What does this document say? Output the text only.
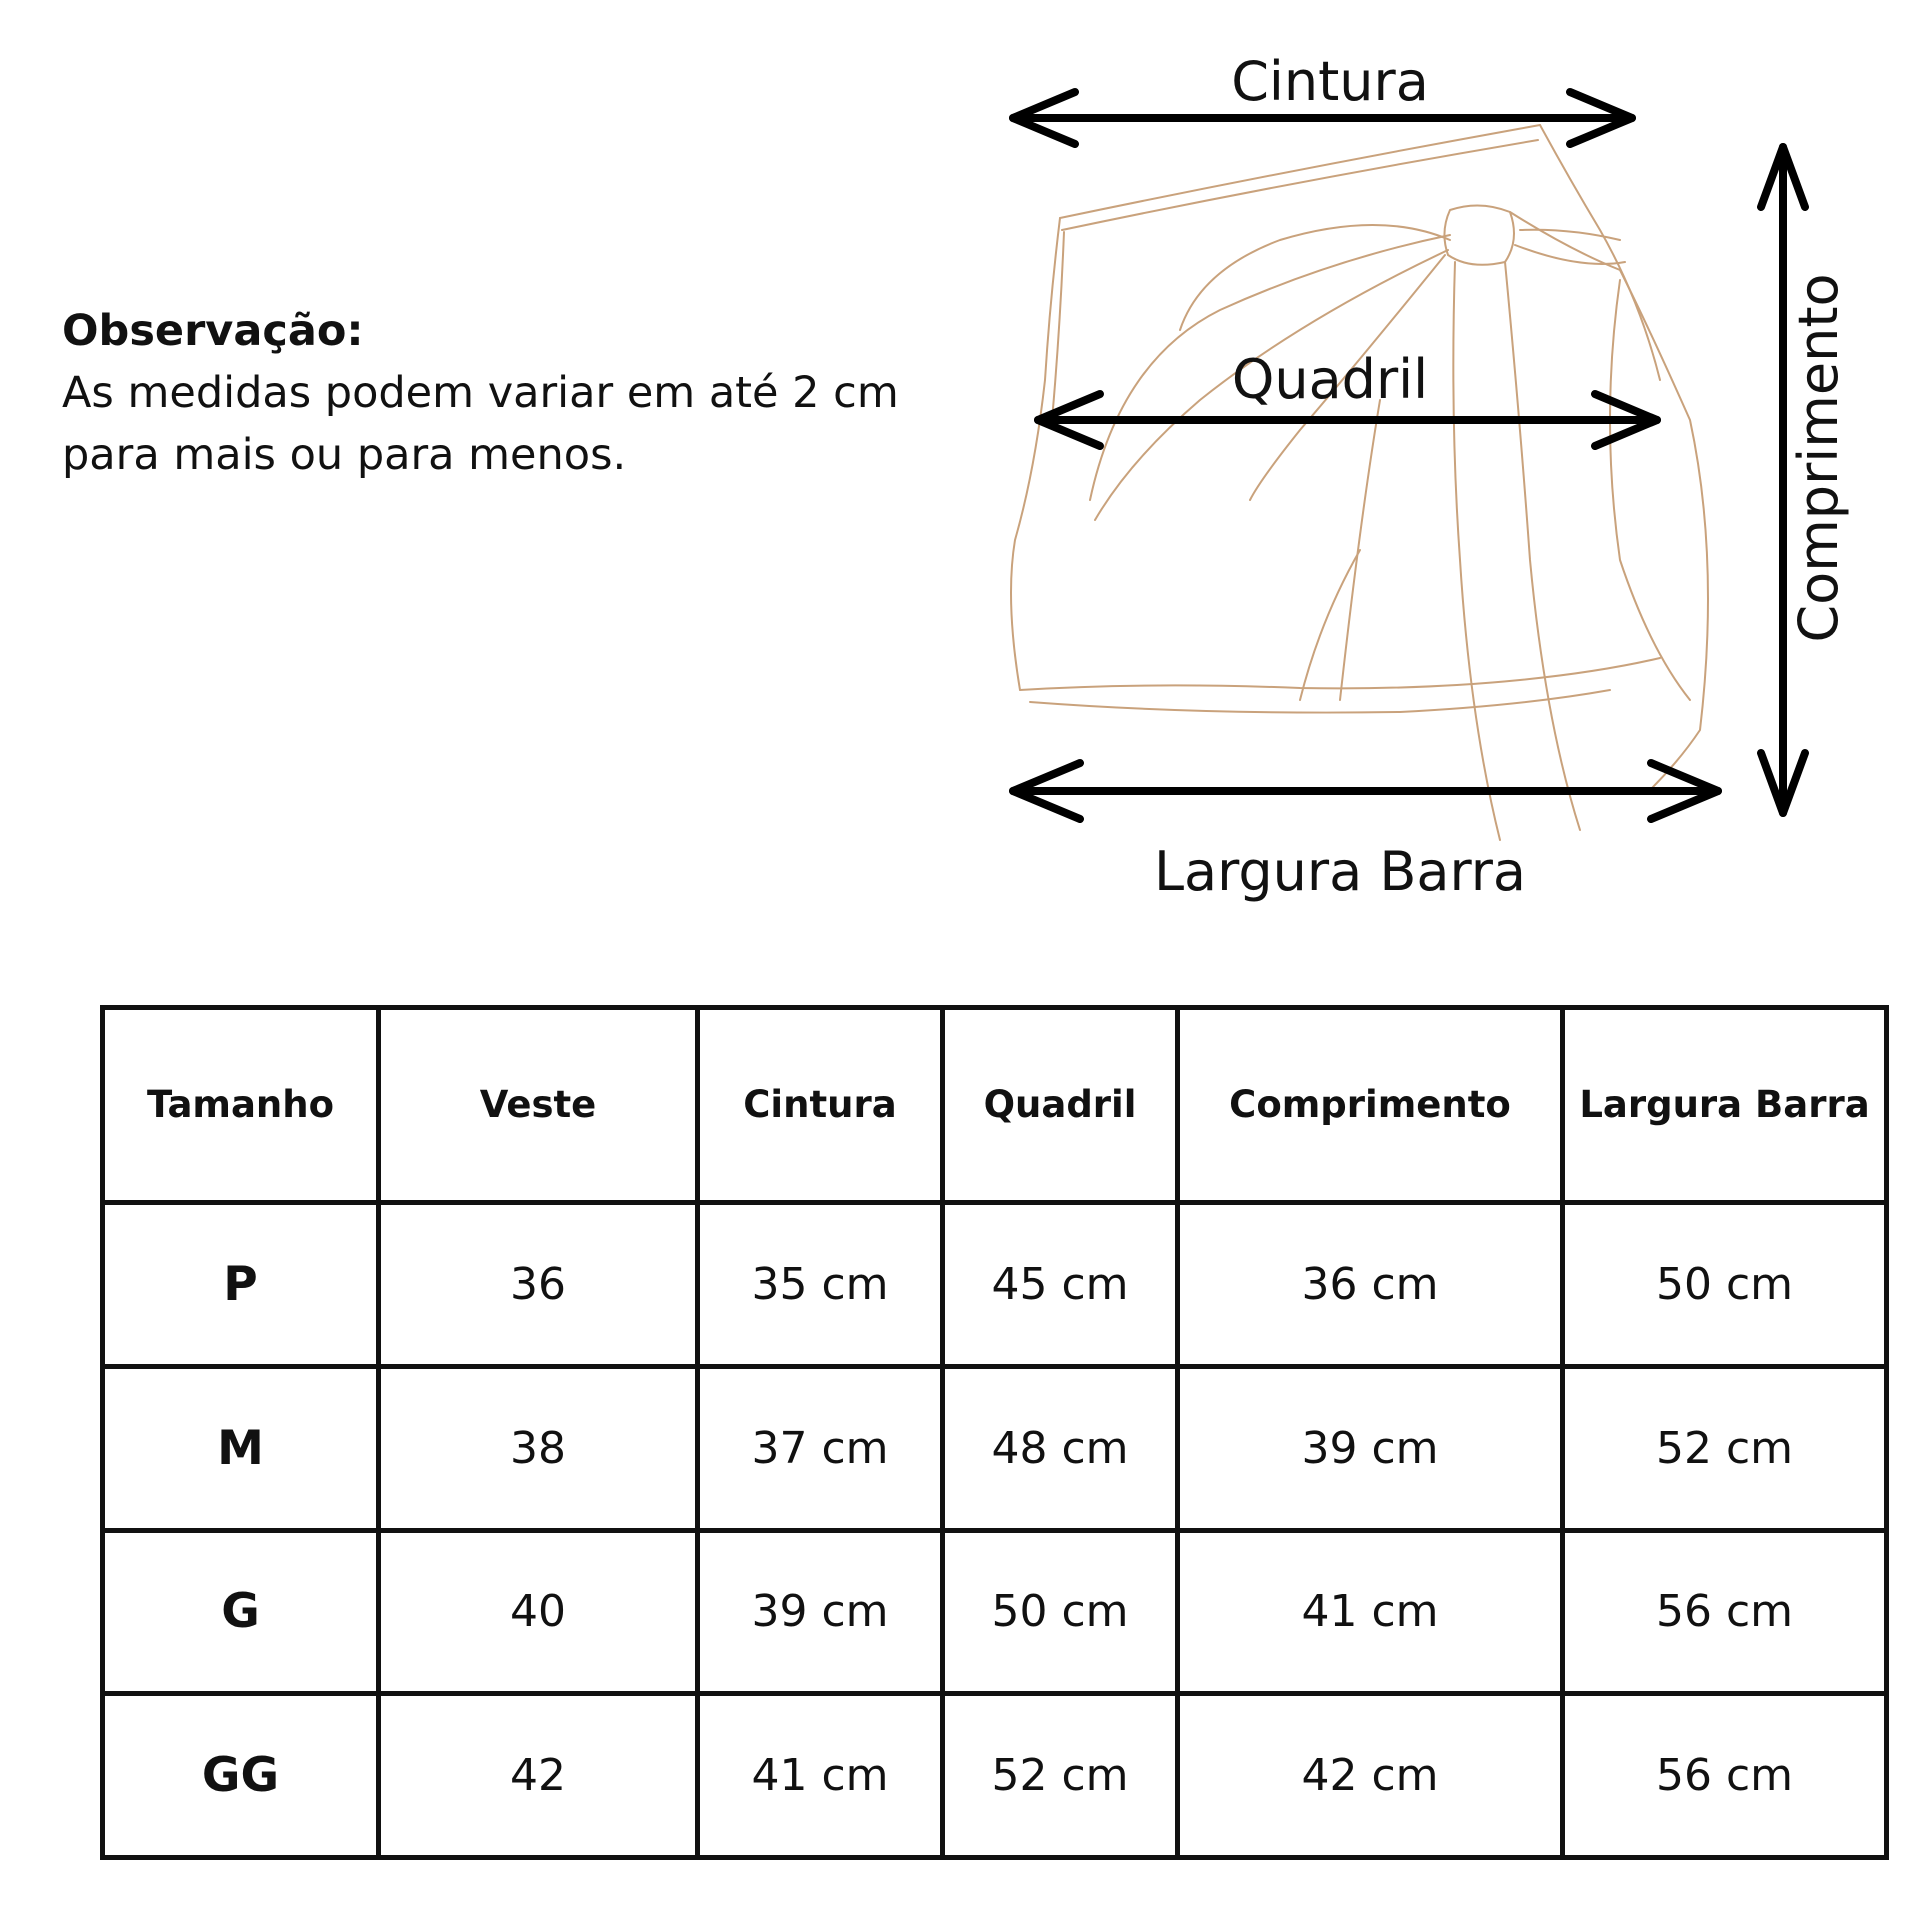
Observação:
As medidas podem variar em até 2 cm
para mais ou para menos.
Cintura
Quadril
Largura Barra
Comprimento
Tamanho	Veste	Cintura	Quadril	Comprimento	Largura Barra
P	36	35 cm	45 cm	36 cm	50 cm
M	38	37 cm	48 cm	39 cm	52 cm
G	40	39 cm	50 cm	41 cm	56 cm
GG	42	41 cm	52 cm	42 cm	56 cm
